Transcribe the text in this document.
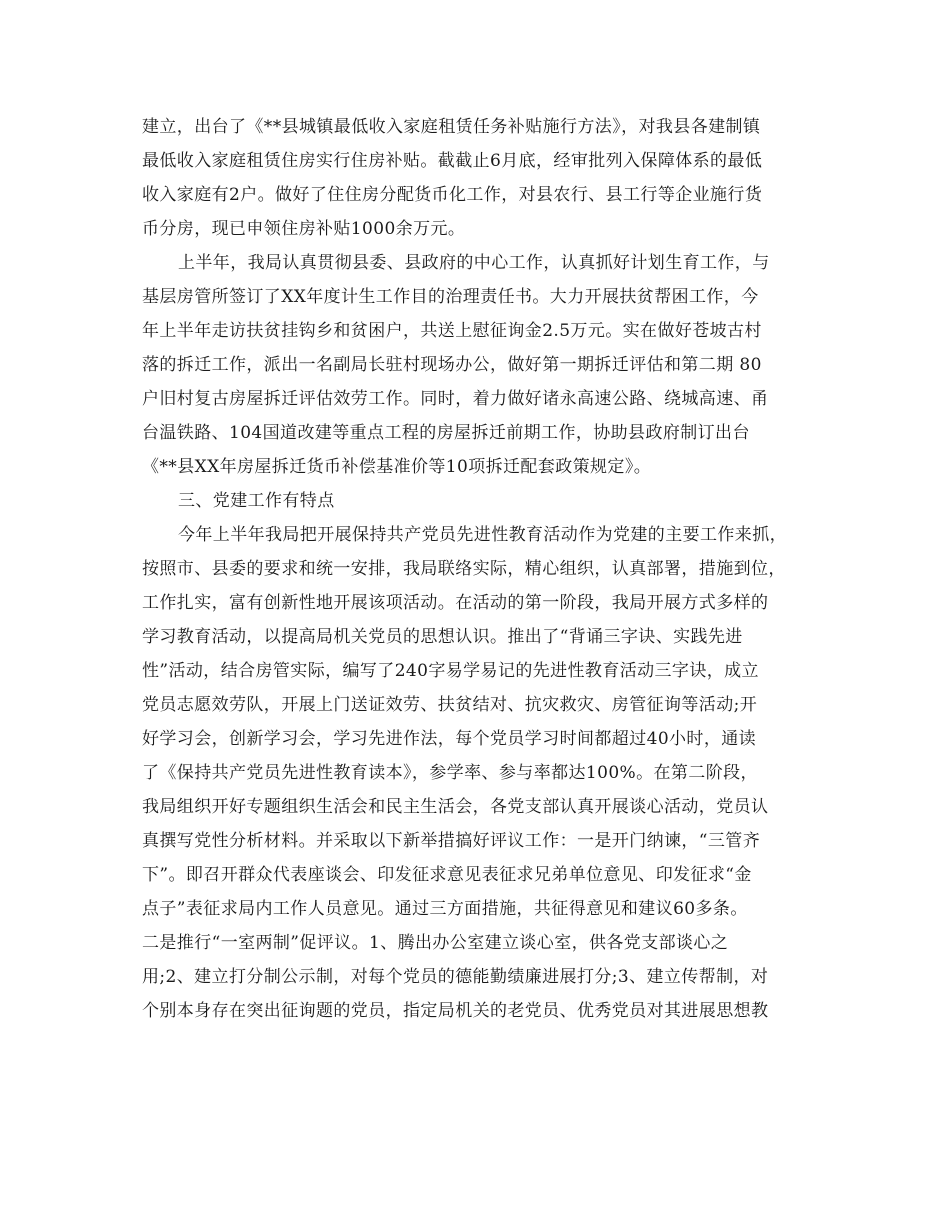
建立，出台了《**县城镇最低收入家庭租赁任务补贴施行方法》，对我县各建制镇
最低收入家庭租赁住房实行住房补贴。截截止6月底，经审批列入保障体系的最低
收入家庭有2户。做好了住住房分配货币化工作，对县农行、县工行等企业施行货
币分房，现已申领住房补贴1000余万元。
上半年，我局认真贯彻县委、县政府的中心工作，认真抓好计划生育工作，与
基层房管所签订了XX年度计生工作目的治理责任书。大力开展扶贫帮困工作，今
年上半年走访扶贫挂钩乡和贫困户，共送上慰征询金2.5万元。实在做好苍坡古村
落的拆迁工作，派出一名副局长驻村现场办公，做好第一期拆迁评估和第二期 80
户旧村复古房屋拆迁评估效劳工作。同时，着力做好诸永高速公路、绕城高速、甬
台温铁路、104国道改建等重点工程的房屋拆迁前期工作，协助县政府制订出台
《**县XX年房屋拆迁货币补偿基准价等10项拆迁配套政策规定》。
三、党建工作有特点
今年上半年我局把开展保持共产党员先进性教育活动作为党建的主要工作来抓，
按照市、县委的要求和统一安排，我局联络实际，精心组织，认真部署，措施到位，
工作扎实，富有创新性地开展该项活动。在活动的第一阶段，我局开展方式多样的
学习教育活动，以提高局机关党员的思想认识。推出了“背诵三字诀、实践先进
性”活动，结合房管实际，编写了240字易学易记的先进性教育活动三字诀，成立
党员志愿效劳队，开展上门送证效劳、扶贫结对、抗灾救灾、房管征询等活动;开
好学习会，创新学习会，学习先进作法，每个党员学习时间都超过40小时，通读
了《保持共产党员先进性教育读本》，参学率、参与率都达100%。在第二阶段，
我局组织开好专题组织生活会和民主生活会，各党支部认真开展谈心活动，党员认
真撰写党性分析材料。并采取以下新举措搞好评议工作：一是开门纳谏，“三管齐
下”。即召开群众代表座谈会、印发征求意见表征求兄弟单位意见、印发征求“金
点子”表征求局内工作人员意见。通过三方面措施，共征得意见和建议60多条。
二是推行“一室两制”促评议。1、腾出办公室建立谈心室，供各党支部谈心之
用;2、建立打分制公示制，对每个党员的德能勤绩廉进展打分;3、建立传帮制，对
个别本身存在突出征询题的党员，指定局机关的老党员、优秀党员对其进展思想教
